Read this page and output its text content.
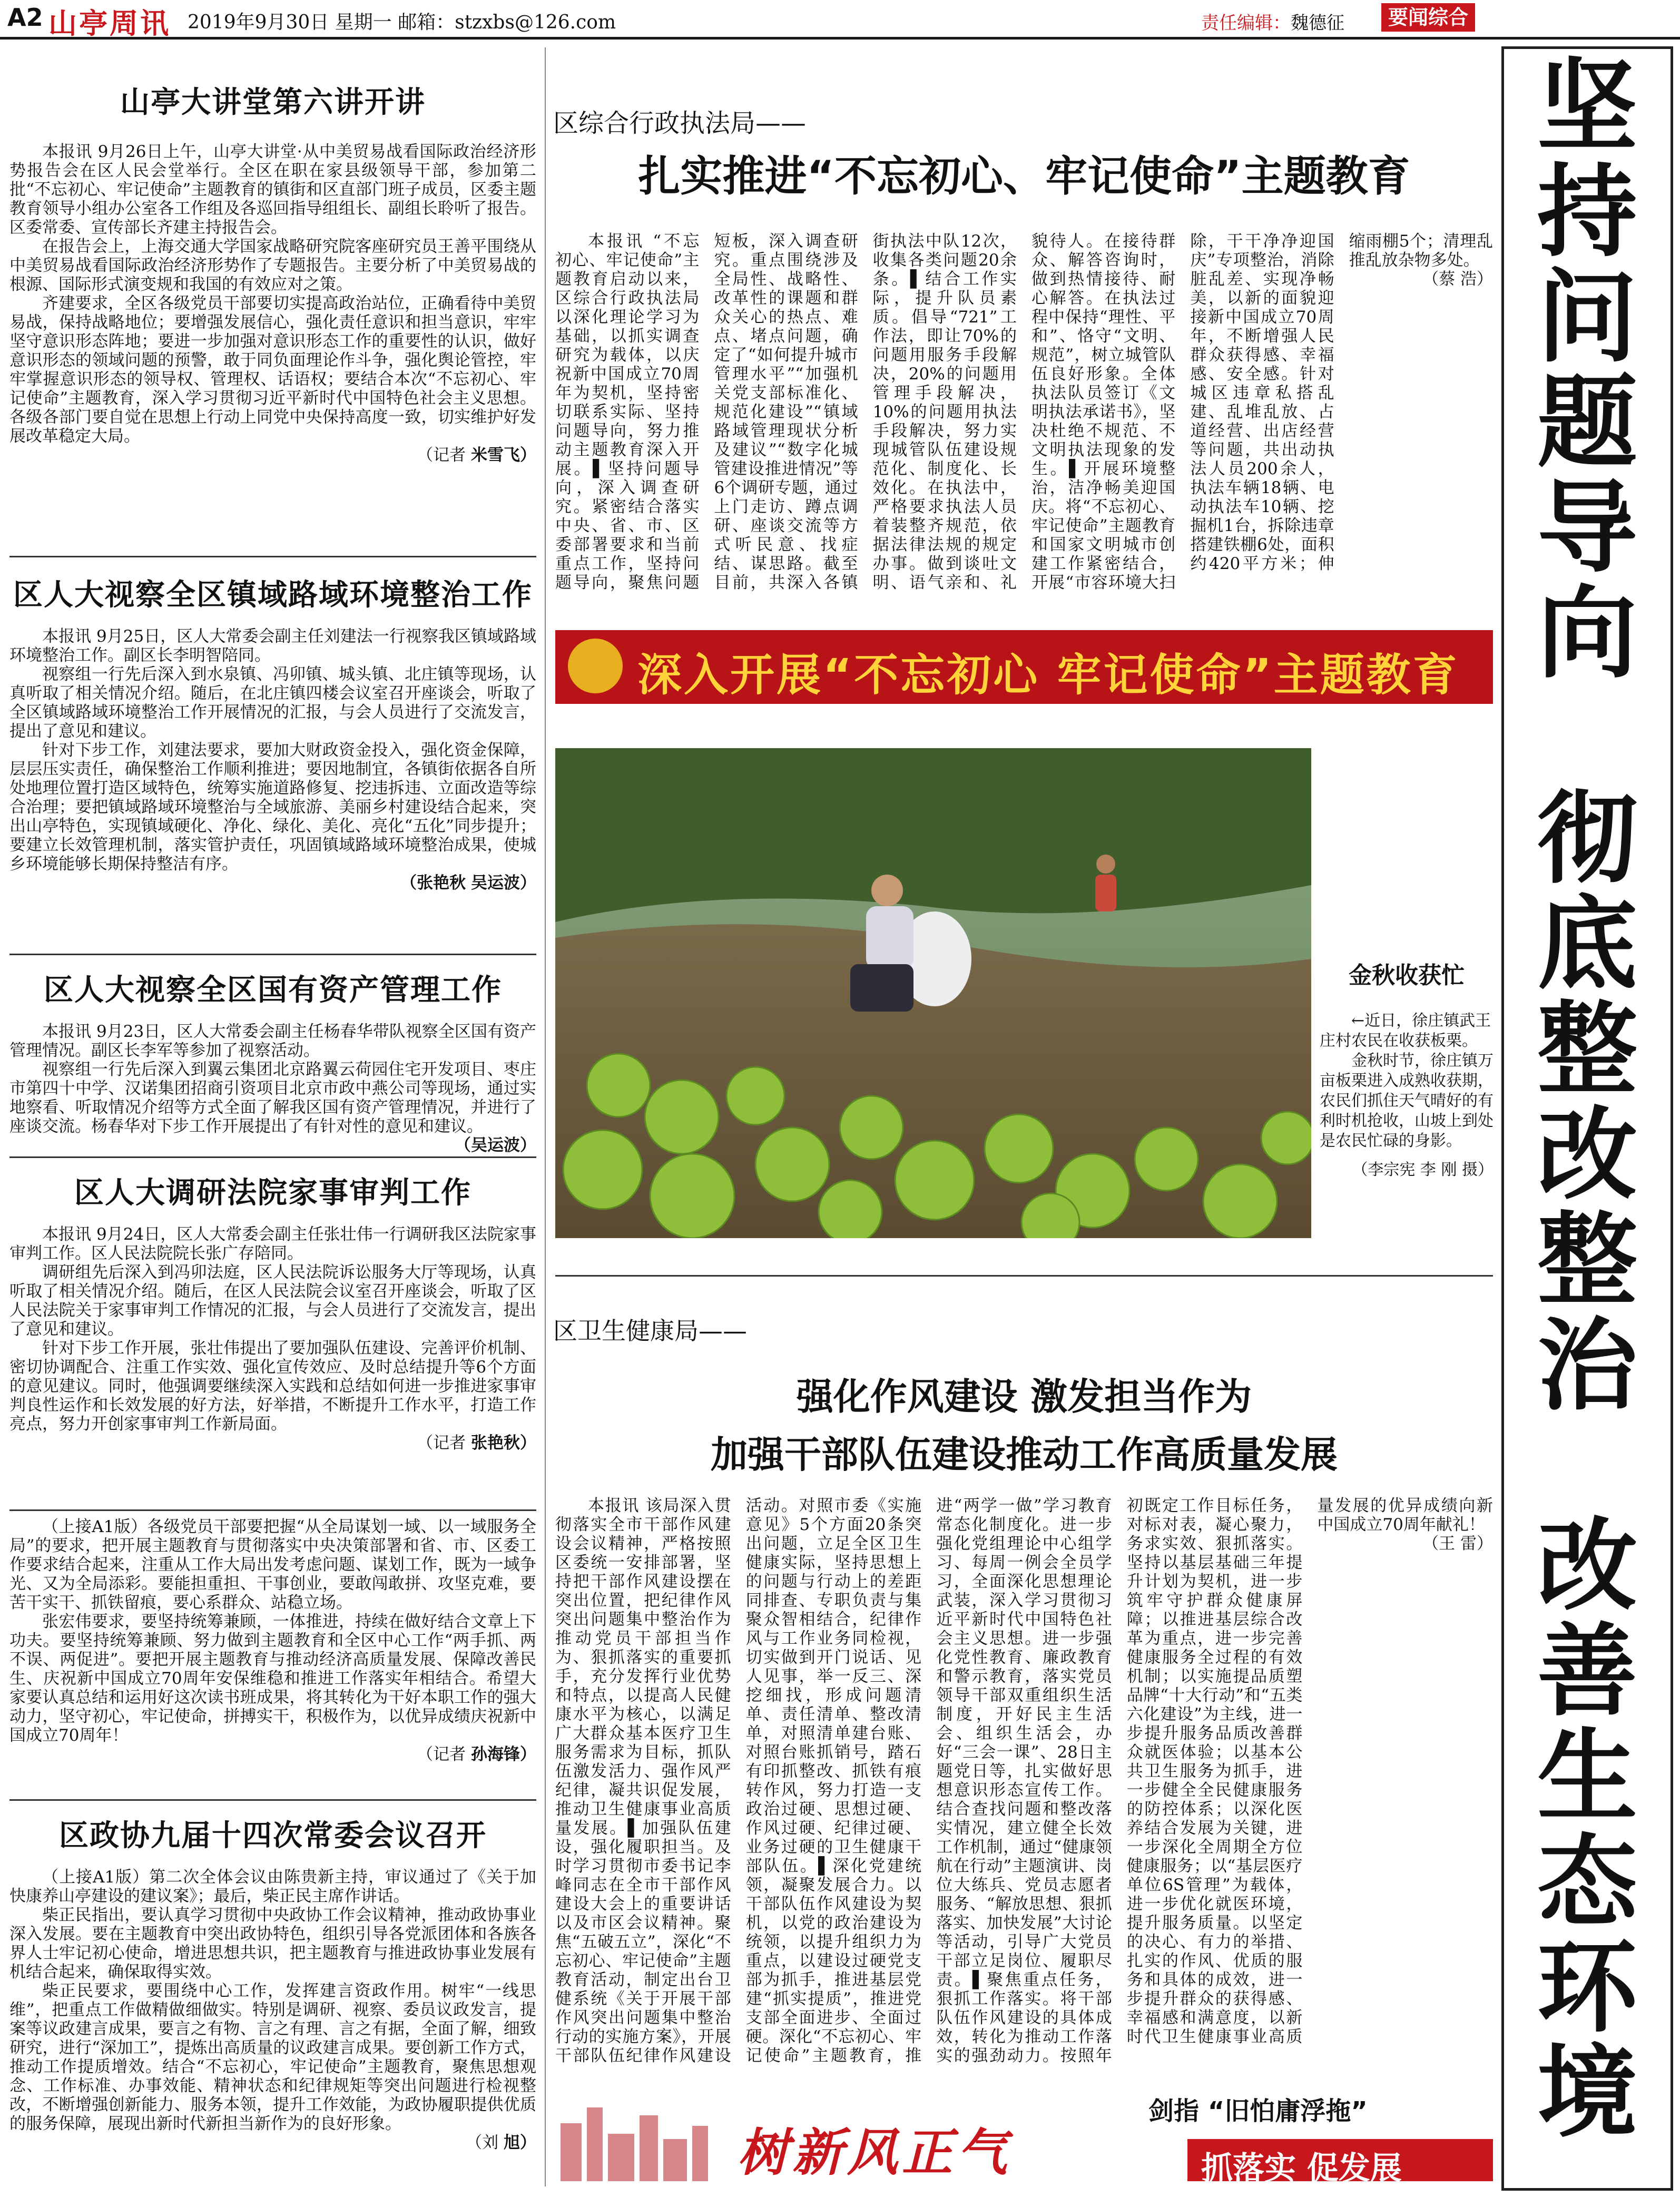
A2 山亭周讯 2019年9月30日 星期一 邮箱：stzxbs@126.com	责任编辑：魏德征	要闻综合
山亭大讲堂第六讲开讲

本报讯 9月26日上午，山亭大讲堂·从中美贸易战看国际政治经济形势报告会在区人民会堂举行。全区在职在家县级领导干部，参加第二批“不忘初心、牢记使命”主题教育的镇街和区直部门班子成员，区委主题教育领导小组办公室各工作组及各巡回指导组组长、副组长聆听了报告。区委常委、宣传部长齐建主持报告会。

在报告会上，上海交通大学国家战略研究院客座研究员王善平围绕从中美贸易战看国际政治经济形势作了专题报告。主要分析了中美贸易战的根源、国际形式演变规和我国的有效应对之策。

齐建要求，全区各级党员干部要切实提高政治站位，正确看待中美贸易战，保持战略地位；要增强发展信心，强化责任意识和担当意识，牢牢坚守意识形态阵地；要进一步加强对意识形态工作的重要性的认识，做好意识形态的领域问题的预警，敢于同负面理论作斗争，强化舆论管控，牢牢掌握意识形态的领导权、管理权、话语权；要结合本次“不忘初心、牢记使命”主题教育，深入学习贯彻习近平新时代中国特色社会主义思想。各级各部门要自觉在思想上行动上同党中央保持高度一致，切实维护好发展改革稳定大局。

（记者 米雪飞）

区人大视察全区镇域路域环境整治工作

本报讯 9月25日，区人大常委会副主任刘建法一行视察我区镇域路域环境整治工作。副区长李明智陪同。

视察组一行先后深入到水泉镇、冯卯镇、城头镇、北庄镇等现场，认真听取了相关情况介绍。随后，在北庄镇四楼会议室召开座谈会，听取了全区镇域路域环境整治工作开展情况的汇报，与会人员进行了交流发言，提出了意见和建议。

针对下步工作，刘建法要求，要加大财政资金投入，强化资金保障，层层压实责任，确保整治工作顺利推进；要因地制宜，各镇街依据各自所处地理位置打造区域特色，统筹实施道路修复、挖违拆违、立面改造等综合治理；要把镇域路域环境整治与全域旅游、美丽乡村建设结合起来，突出山亭特色，实现镇域硬化、净化、绿化、美化、亮化“五化”同步提升；要建立长效管理机制，落实管护责任，巩固镇域路域环境整治成果，使城乡环境能够长期保持整洁有序。

（张艳秋 吴运波）

区人大视察全区国有资产管理工作

本报讯 9月23日，区人大常委会副主任杨春华带队视察全区国有资产管理情况。副区长李军等参加了视察活动。

视察组一行先后深入到翼云集团北京路翼云荷园住宅开发项目、枣庄市第四十中学、汉诺集团招商引资项目北京市政中燕公司等现场，通过实地察看、听取情况介绍等方式全面了解我区国有资产管理情况，并进行了座谈交流。杨春华对下步工作开展提出了有针对性的意见和建议。

（吴运波）

区人大调研法院家事审判工作

本报讯 9月24日，区人大常委会副主任张壮伟一行调研我区法院家事审判工作。区人民法院院长张广存陪同。

调研组先后深入到冯卯法庭，区人民法院诉讼服务大厅等现场，认真听取了相关情况介绍。随后，在区人民法院会议室召开座谈会，听取了区人民法院关于家事审判工作情况的汇报，与会人员进行了交流发言，提出了意见和建议。

针对下步工作开展，张壮伟提出了要加强队伍建设、完善评价机制、密切协调配合、注重工作实效、强化宣传效应、及时总结提升等6个方面的意见建议。同时，他强调要继续深入实践和总结如何进一步推进家事审判良性运作和长效发展的好方法，好举措，不断提升工作水平，打造工作亮点，努力开创家事审判工作新局面。

（记者 张艳秋）

（上接A1版）各级党员干部要把握“从全局谋划一域、以一域服务全局”的要求，把开展主题教育与贯彻落实中央决策部署和省、市、区委工作要求结合起来，注重从工作大局出发考虑问题、谋划工作，既为一域争光、又为全局添彩。要能担重担、干事创业，要敢闯敢拼、攻坚克难，要苦干实干、抓铁留痕，要心系群众、站稳立场。

张宏伟要求，要坚持统筹兼顾，一体推进，持续在做好结合文章上下功夫。要坚持统筹兼顾、努力做到主题教育和全区中心工作“两手抓、两不误、两促进”。要把开展主题教育与推动经济高质量发展、保障改善民生、庆祝新中国成立70周年安保维稳和推进工作落实年相结合。希望大家要认真总结和运用好这次读书班成果，将其转化为干好本职工作的强大动力，坚守初心，牢记使命，拼搏实干，积极作为，以优异成绩庆祝新中国成立70周年！

（记者 孙海锋）

区政协九届十四次常委会议召开

（上接A1版）第二次全体会议由陈贵新主持，审议通过了《关于加快康养山亭建设的建议案》；最后，柴正民主席作讲话。

柴正民指出，要认真学习贯彻中央政协工作会议精神，推动政协事业深入发展。要在主题教育中突出政协特色，组织引导各党派团体和各族各界人士牢记初心使命，增进思想共识，把主题教育与推进政协事业发展有机结合起来，确保取得实效。

柴正民要求，要围绕中心工作，发挥建言资政作用。树牢“一线思维”，把重点工作做精做细做实。特别是调研、视察、委员议政发言，提案等议政建言成果，要言之有物、言之有理、言之有据，全面了解，细致研究，进行“深加工”，提炼出高质量的议政建言成果。要创新工作方式，推动工作提质增效。结合“不忘初心，牢记使命”主题教育，聚焦思想观念、工作标准、办事效能、精神状态和纪律规矩等突出问题进行检视整改，不断增强创新能力、服务本领，提升工作效能，为政协履职提供优质的服务保障，展现出新时代新担当新作为的良好形象。

（刘 旭）

区综合行政执法局——
扎实推进“不忘初心、牢记使命”主题教育

本报讯 “不忘初心、牢记使命”主题教育启动以来，区综合行政执法局以深化理论学习为基础，以抓实调查研究为载体，以庆祝新中国成立70周年为契机，坚持密切联系实际、坚持问题导向，努力推动主题教育深入开展。▌坚持问题导向，深入调查研究。紧密结合落实中央、省、市、区委部署要求和当前重点工作，坚持问题导向，聚焦问题短板，深入调查研究。重点围绕涉及全局性、战略性、改革性的课题和群众关心的热点、难点、堵点问题，确定了“如何提升城市管理水平”“加强机关党支部标准化、规范化建设”“镇域路域管理现状分析及建议”“数字化城管建设推进情况”等6个调研专题，通过上门走访、蹲点调研、座谈交流等方式听民意、找症结、谋思路。截至目前，共深入各镇街执法中队12次，收集各类问题20余条。▌结合工作实际，提升队员素质。倡导“721”工作法，即让70%的问题用服务手段解决，20%的问题用管理手段解决，10%的问题用执法手段解决，努力实现城管队伍建设规范化、制度化、长效化。在执法中，严格要求执法人员着装整齐规范，依据法律法规的规定办事。做到谈吐文明、语气亲和、礼貌待人。在接待群众、解答咨询时，做到热情接待、耐心解答。在执法过程中保持“理性、平和”、恪守“文明、规范”，树立城管队伍良好形象。全体执法队员签订《文明执法承诺书》，坚决杜绝不规范、不文明执法现象的发生。▌开展环境整治，洁净畅美迎国庆。将“不忘初心、牢记使命”主题教育和国家文明城市创建工作紧密结合，开展“市容环境大扫除，干干净净迎国庆”专项整治，消除脏乱差、实现净畅美，以新的面貌迎接新中国成立70周年，不断增强人民群众获得感、幸福感、安全感。针对城区违章私搭乱建、乱堆乱放、占道经营、出店经营等问题，共出动执法人员200余人，执法车辆18辆、电动执法车10辆、挖掘机1台，拆除违章搭建铁棚6处，面积约420平方米；伸缩雨棚5个；清理乱推乱放杂物多处。

（蔡 浩）

深入开展“不忘初心 牢记使命”主题教育
金秋收获忙

←近日，徐庄镇武王庄村农民在收获板栗。

金秋时节，徐庄镇万亩板栗进入成熟收获期，农民们抓住天气晴好的有利时机抢收，山坡上到处是农民忙碌的身影。

（李宗宪 李 刚 摄）

区卫生健康局——
强化作风建设 激发担当作为
加强干部队伍建设推动工作高质量发展

本报讯 该局深入贯彻落实全市干部作风建设会议精神，严格按照区委统一安排部署，坚持把干部作风建设摆在突出位置，把纪律作风突出问题集中整治作为推动党员干部担当作为、狠抓落实的重要抓手，充分发挥行业优势和特点，以提高人民健康水平为核心，以满足广大群众基本医疗卫生服务需求为目标，抓队伍激发活力、强作风严纪律，凝共识促发展，推动卫生健康事业高质量发展。▌加强队伍建设，强化履职担当。及时学习贯彻市委书记李峰同志在全市干部作风建设大会上的重要讲话以及市区会议精神。聚焦“五破五立”，深化“不忘初心、牢记使命”主题教育活动，制定出台卫健系统《关于开展干部作风突出问题集中整治行动的实施方案》，开展干部队伍纪律作风建设活动。对照市委《实施意见》5个方面20条突出问题，立足全区卫生健康实际，坚持思想上的问题与行动上的差距同排查、专职负责与集聚众智相结合，纪律作风与工作业务同检视，切实做到开门说话、见人见事，举一反三、深挖细找，形成问题清单、责任清单、整改清单，对照清单建台账、对照台账抓销号，踏石有印抓整改、抓铁有痕转作风，努力打造一支政治过硬、思想过硬、作风过硬、纪律过硬、业务过硬的卫生健康干部队伍。▌深化党建统领，凝聚发展合力。以干部队伍作风建设为契机，以党的政治建设为统领，以提升组织力为重点，以建设过硬党支部为抓手，推进基层党建“抓实提质”，推进党支部全面进步、全面过硬。深化“不忘初心、牢记使命”主题教育，推进“两学一做”学习教育常态化制度化。进一步强化党组理论中心组学习、每周一例会全员学习，全面深化思想理论武装，深入学习贯彻习近平新时代中国特色社会主义思想。进一步强化党性教育、廉政教育和警示教育，落实党员领导干部双重组织生活制度，开好民主生活会、组织生活会，办好“三会一课”、28日主题党日等，扎实做好思想意识形态宣传工作。结合查找问题和整改落实情况，建立健全长效工作机制，通过“健康领航在行动”主题演讲、岗位大练兵、党员志愿者服务、“解放思想、狠抓落实、加快发展”大讨论等活动，引导广大党员干部立足岗位、履职尽责。▌聚焦重点任务，狠抓工作落实。将干部队伍作风建设的具体成效，转化为推动工作落实的强劲动力。按照年初既定工作目标任务，对标对表，凝心聚力，务求实效、狠抓落实。坚持以基层基础三年提升计划为契机，进一步筑牢守护群众健康屏障；以推进基层综合改革为重点，进一步完善健康服务全过程的有效机制；以实施提品质塑品牌“十大行动”和“五类六化建设”为主线，进一步提升服务品质改善群众就医体验；以基本公共卫生服务为抓手，进一步健全全民健康服务的防控体系；以深化医养结合发展为关键，进一步深化全周期全方位健康服务；以“基层医疗单位6S管理”为载体，进一步优化就医环境，提升服务质量。以坚定的决心、有力的举措、扎实的作风、优质的服务和具体的成效，进一步提升群众的获得感、幸福感和满意度，以新时代卫生健康事业高质量发展的优异成绩向新中国成立70周年献礼！

（王 雷）

树新风正气
剑指 “旧怕庸浮拖”
抓落实 促发展
坚
持
问
题
导
向
彻
底
整
改
整
治
改
善
生
态
环
境
